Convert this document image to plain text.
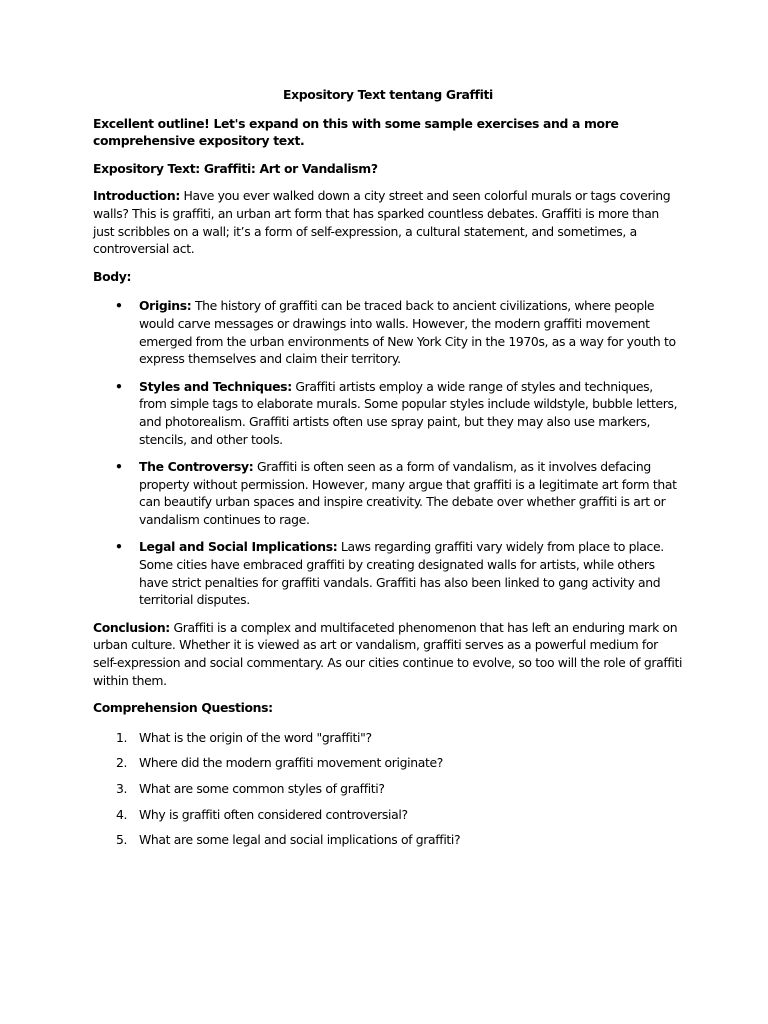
Expository Text tentang Graffiti

Excellent outline! Let's expand on this with some sample exercises and a more comprehensive expository text.

Expository Text: Graffiti: Art or Vandalism?

Introduction: Have you ever walked down a city street and seen colorful murals or tags covering walls? This is graffiti, an urban art form that has sparked countless debates. Graffiti is more than just scribbles on a wall; it’s a form of self-expression, a cultural statement, and sometimes, a controversial act.

Body:

• Origins: The history of graffiti can be traced back to ancient civilizations, where people would carve messages or drawings into walls. However, the modern graffiti movement emerged from the urban environments of New York City in the 1970s, as a way for youth to express themselves and claim their territory.
• Styles and Techniques: Graffiti artists employ a wide range of styles and techniques, from simple tags to elaborate murals. Some popular styles include wildstyle, bubble letters, and photorealism. Graffiti artists often use spray paint, but they may also use markers, stencils, and other tools.
• The Controversy: Graffiti is often seen as a form of vandalism, as it involves defacing property without permission. However, many argue that graffiti is a legitimate art form that can beautify urban spaces and inspire creativity. The debate over whether graffiti is art or vandalism continues to rage.
• Legal and Social Implications: Laws regarding graffiti vary widely from place to place. Some cities have embraced graffiti by creating designated walls for artists, while others have strict penalties for graffiti vandals. Graffiti has also been linked to gang activity and territorial disputes.

Conclusion: Graffiti is a complex and multifaceted phenomenon that has left an enduring mark on urban culture. Whether it is viewed as art or vandalism, graffiti serves as a powerful medium for self-expression and social commentary. As our cities continue to evolve, so too will the role of graffiti within them.

Comprehension Questions:

1. What is the origin of the word "graffiti"?
2. Where did the modern graffiti movement originate?
3. What are some common styles of graffiti?
4. Why is graffiti often considered controversial?
5. What are some legal and social implications of graffiti?
